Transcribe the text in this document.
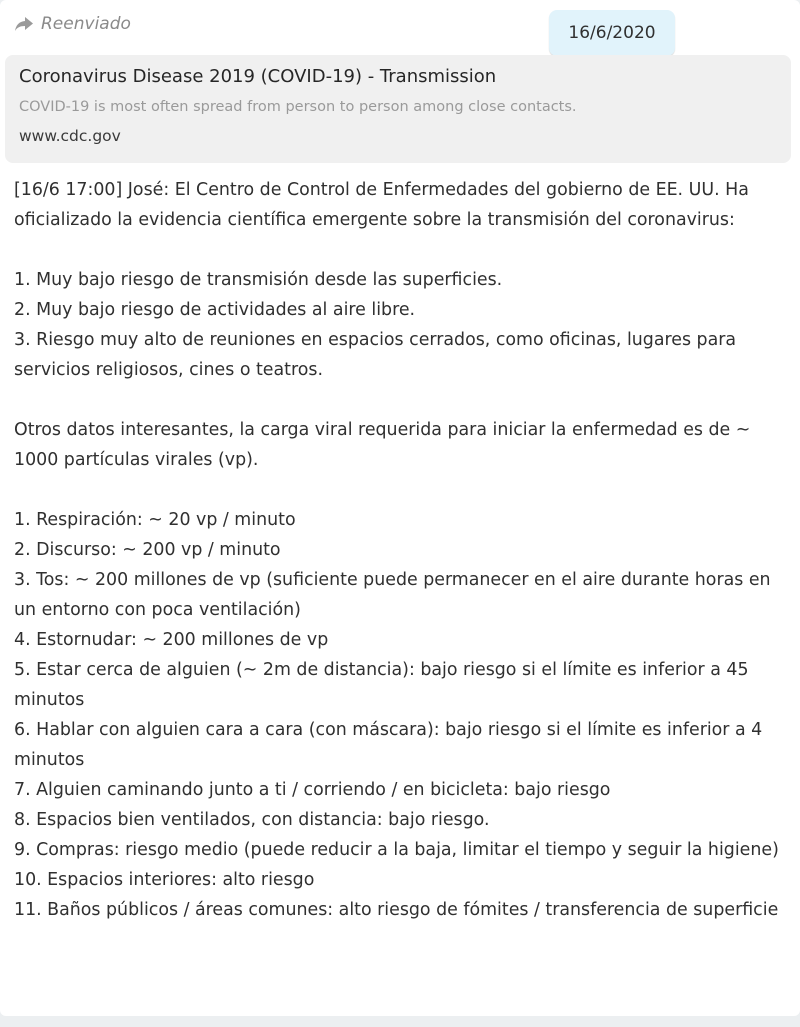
Reenviado	16/6/2020
Coronavirus Disease 2019 (COVID-19) - Transmission
COVID-19 is most often spread from person to person among close contacts.
www.cdc.gov

[16/6 17:00] José: El Centro de Control de Enfermedades del gobierno de EE. UU. Ha oficializado la evidencia científica emergente sobre la transmisión del coronavirus:

1. Muy bajo riesgo de transmisión desde las superficies.

2. Muy bajo riesgo de actividades al aire libre.

3. Riesgo muy alto de reuniones en espacios cerrados, como oficinas, lugares para servicios religiosos, cines o teatros.

Otros datos interesantes, la carga viral requerida para iniciar la enfermedad es de ~ 1000 partículas virales (vp).

1. Respiración: ~ 20 vp / minuto

2. Discurso: ~ 200 vp / minuto

3. Tos: ~ 200 millones de vp (suficiente puede permanecer en el aire durante horas en un entorno con poca ventilación)

4. Estornudar: ~ 200 millones de vp

5. Estar cerca de alguien (~ 2m de distancia): bajo riesgo si el límite es inferior a 45 minutos

6. Hablar con alguien cara a cara (con máscara): bajo riesgo si el límite es inferior a 4 minutos

7. Alguien caminando junto a ti / corriendo / en bicicleta: bajo riesgo

8. Espacios bien ventilados, con distancia: bajo riesgo.

9. Compras: riesgo medio (puede reducir a la baja, limitar el tiempo y seguir la higiene)

10. Espacios interiores: alto riesgo

11. Baños públicos / áreas comunes: alto riesgo de fómites / transferencia de superficie
